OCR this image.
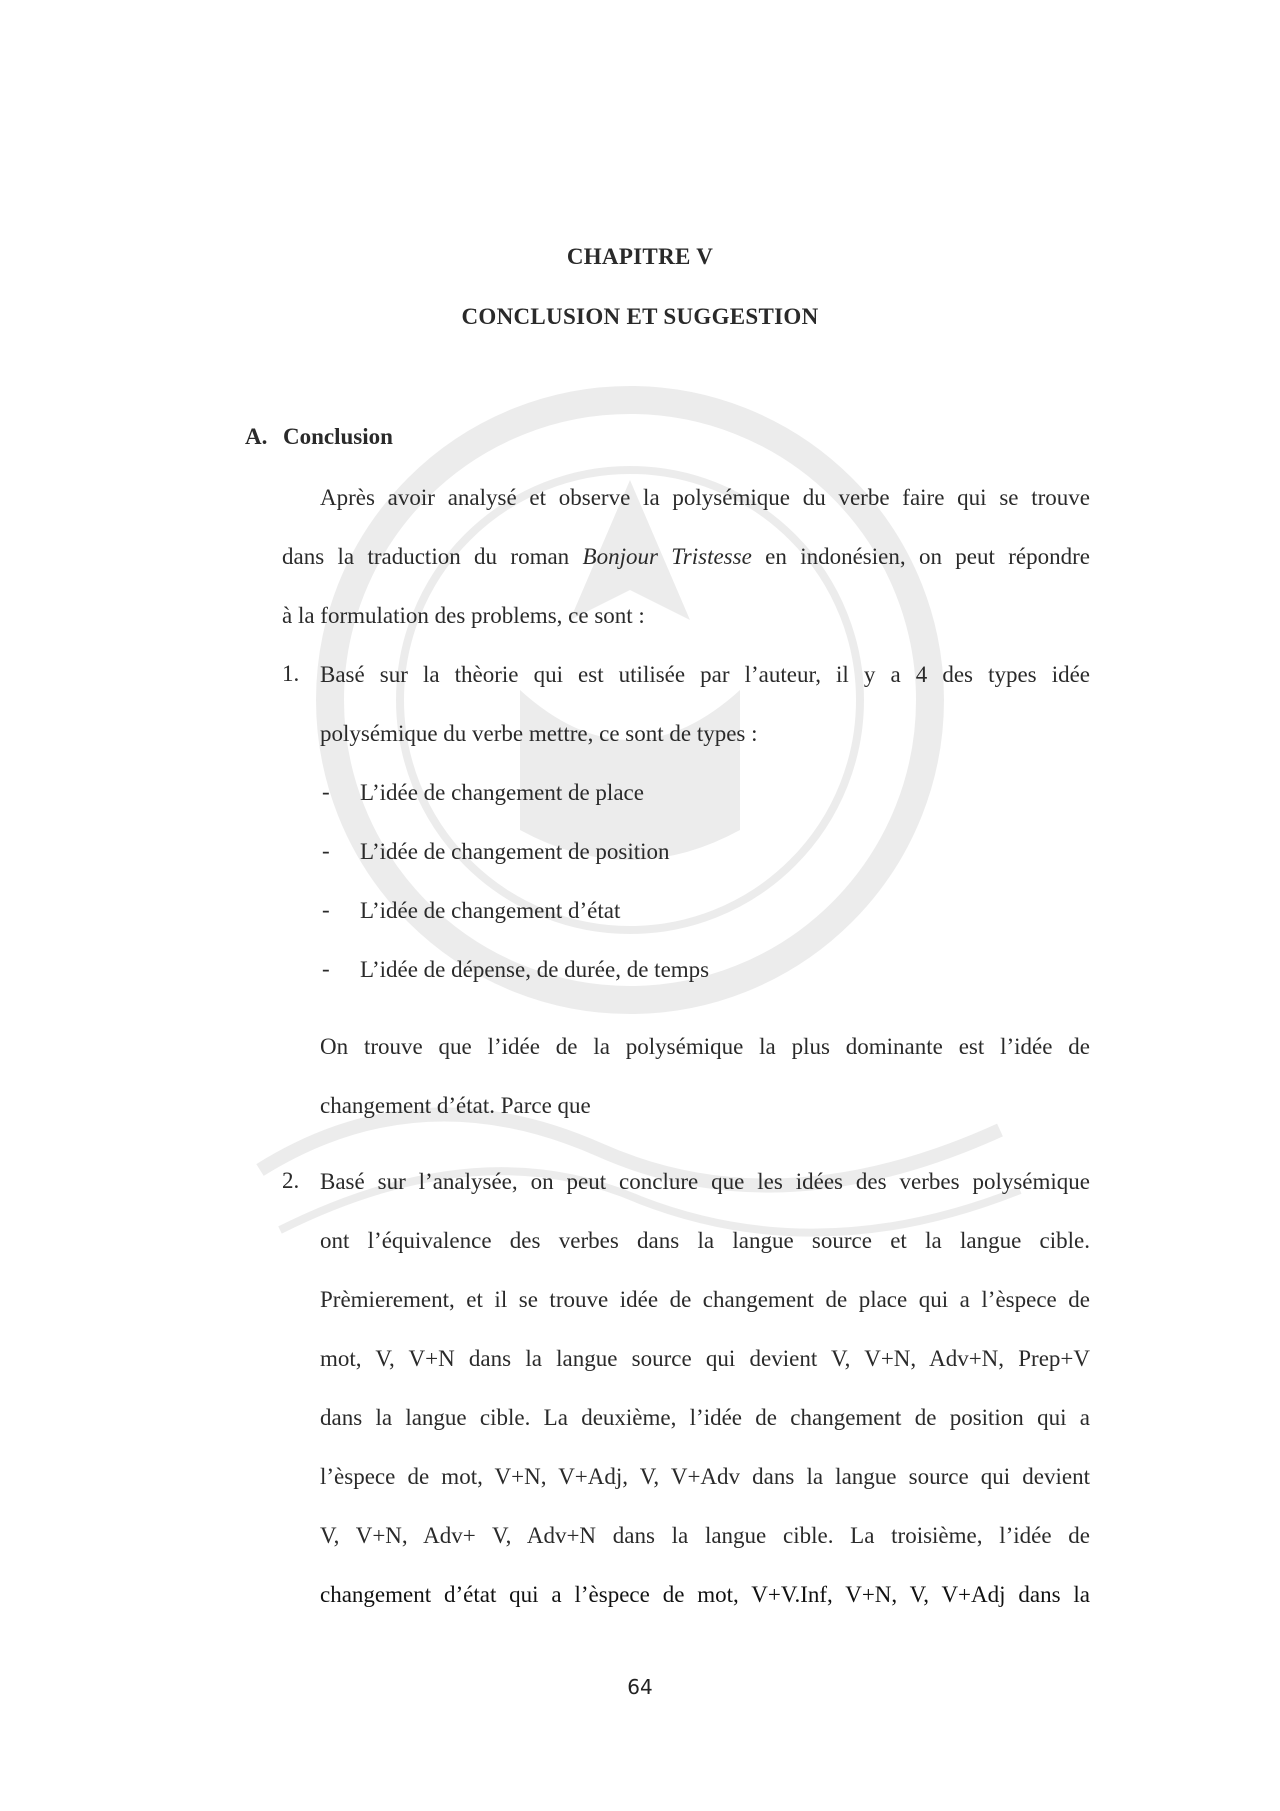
CHAPITRE V
CONCLUSION ET SUGGESTION
A. Conclusion
Après avoir analysé et observe la polysémique du verbe faire qui se trouve
dans la traduction du roman Bonjour Tristesse en indonésien, on peut répondre
à la formulation des problems, ce sont :
1. Basé sur la thèorie qui est utilisée par l’auteur, il y a 4 des types idée
polysémique du verbe mettre, ce sont de types :
- L’idée de changement de place
- L’idée de changement de position
- L’idée de changement d’état
- L’idée de dépense, de durée, de temps
On trouve que l’idée de la polysémique la plus dominante est l’idée de
changement d’état. Parce que
2. Basé sur l’analysée, on peut conclure que les idées des verbes polysémique
ont l’équivalence des verbes dans la langue source et la langue cible.
Prèmierement, et il se trouve idée de changement de place qui a l’èspece de
mot, V, V+N dans la langue source qui devient V, V+N, Adv+N, Prep+V
dans la langue cible. La deuxième, l’idée de changement de position qui a
l’èspece de mot, V+N, V+Adj, V, V+Adv dans la langue source qui devient
V, V+N, Adv+ V, Adv+N dans la langue cible. La troisième, l’idée de
changement d’état qui a l’èspece de mot, V+V.Inf, V+N, V, V+Adj dans la
64
